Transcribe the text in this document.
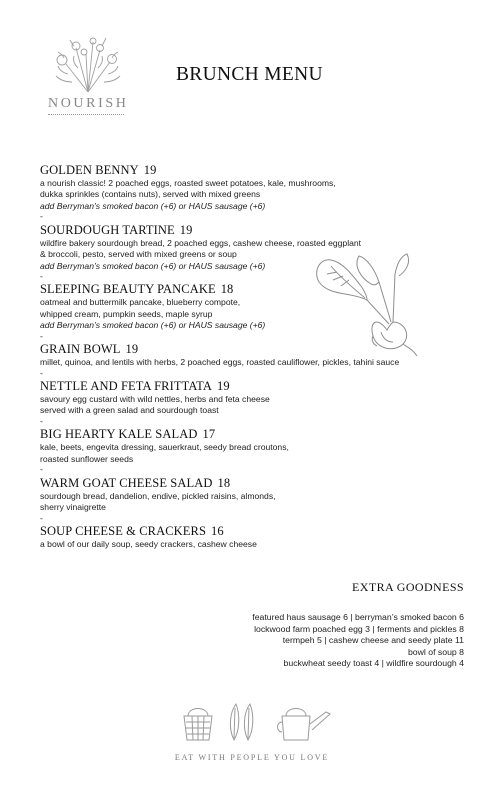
NOURISH
BRUNCH MENU
GOLDEN BENNY 19
a nourish classic! 2 poached eggs, roasted sweet potatoes, kale, mushrooms,
dukka sprinkles (contains nuts), served with mixed greens
add Berryman’s smoked bacon (+6) or HAUS sausage (+6)
-
SOURDOUGH TARTINE 19
wildfire bakery sourdough bread, 2 poached eggs, cashew cheese, roasted eggplant
& broccoli, pesto, served with mixed greens or soup
add Berryman’s smoked bacon (+6) or HAUS sausage (+6)
-
SLEEPING BEAUTY PANCAKE 18
oatmeal and buttermilk pancake, blueberry compote,
whipped cream, pumpkin seeds, maple syrup
add Berryman’s smoked bacon (+6) or HAUS sausage (+6)
-
GRAIN BOWL 19
millet, quinoa, and lentils with herbs, 2 poached eggs, roasted cauliflower, pickles, tahini sauce
-
NETTLE AND FETA FRITTATA 19
savoury egg custard with wild nettles, herbs and feta cheese
served with a green salad and sourdough toast
-
BIG HEARTY KALE SALAD 17
kale, beets, engevita dressing, sauerkraut, seedy bread croutons,
roasted sunflower seeds
-
WARM GOAT CHEESE SALAD 18
sourdough bread, dandelion, endive, pickled raisins, almonds,
sherry vinaigrette
-
SOUP CHEESE & CRACKERS 16
a bowl of our daily soup, seedy crackers, cashew cheese
EXTRA GOODNESS
featured haus sausage 6 | berryman’s smoked bacon 6
lockwood farm poached egg 3 | ferments and pickles 8
termpeh 5 | cashew cheese and seedy plate 11
bowl of soup 8
buckwheat seedy toast 4 | wildfire sourdough 4
EAT WITH PEOPLE YOU LOVE
